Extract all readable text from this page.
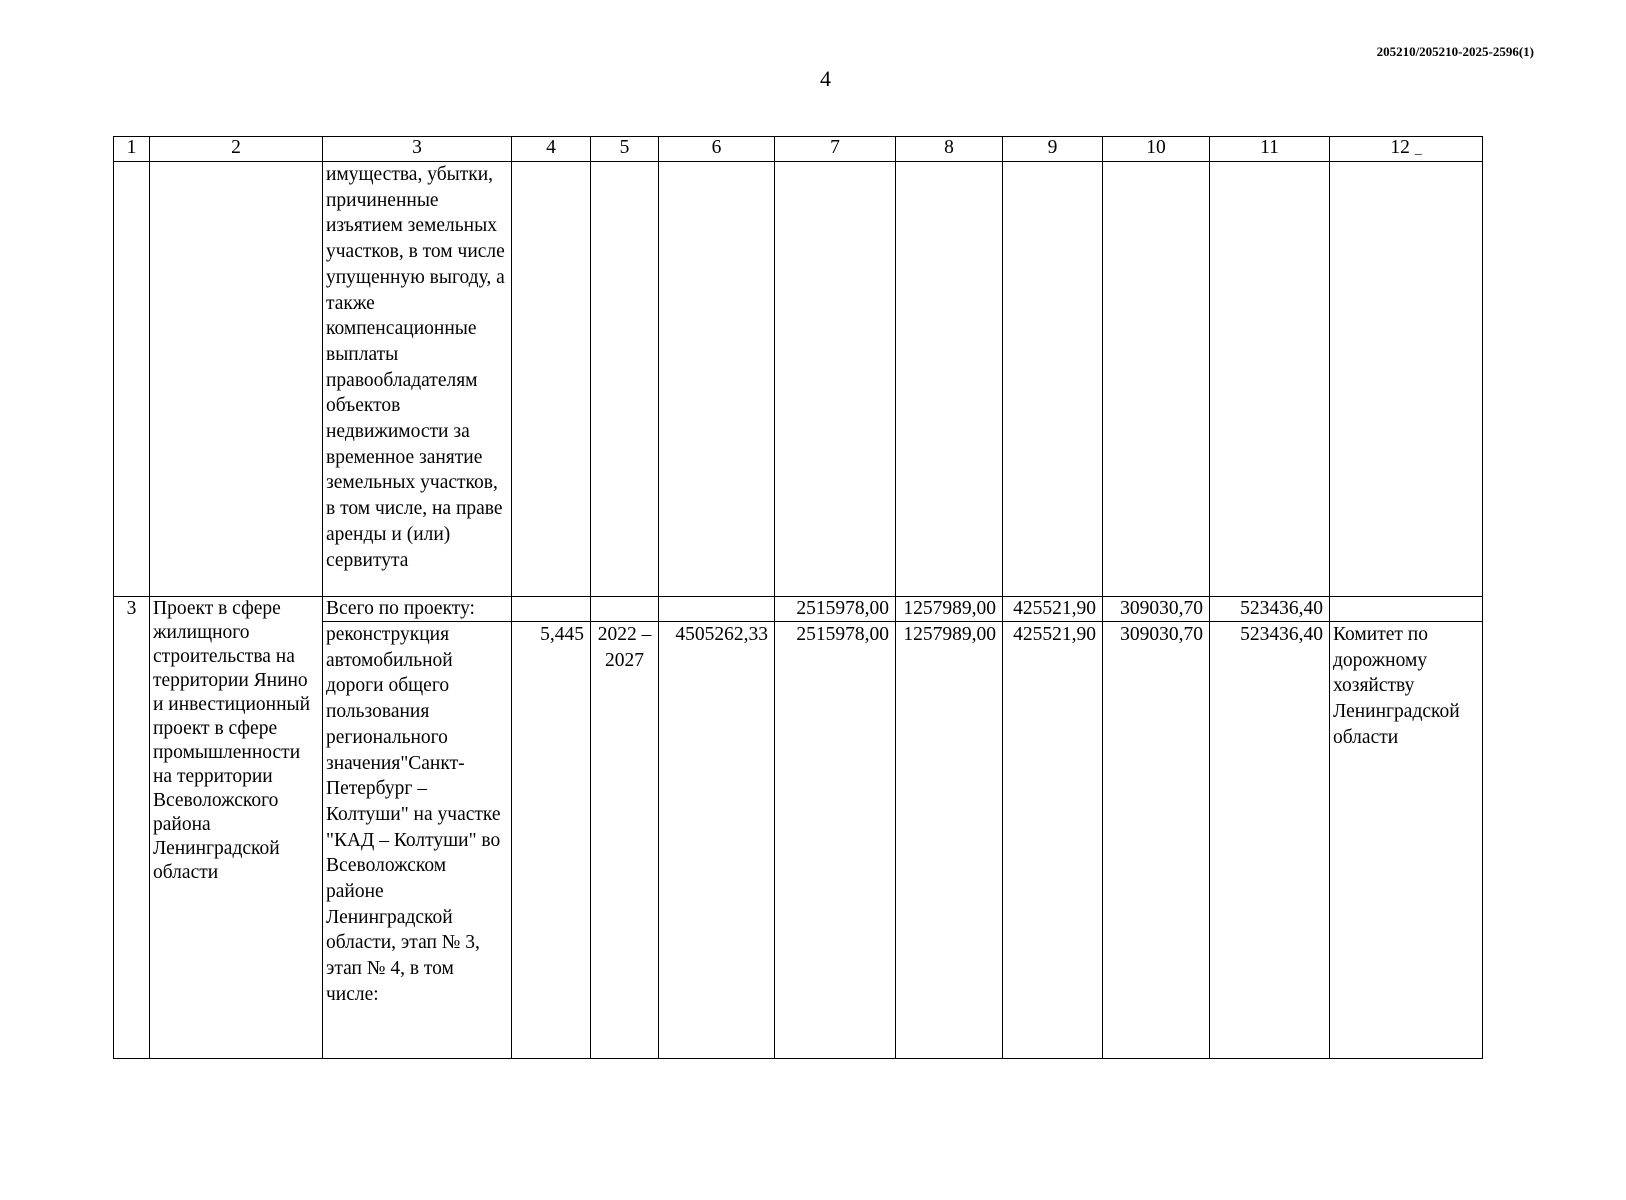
205210/205210-2025-2596(1)
4
1	2	3	4	5	6	7	8	9	10	11	12 _
		имущества, убытки, причиненные изъятием земельных участков, в том числе упущенную выгоду, а также компенсационные выплаты правообладателям объектов недвижимости за временное занятие земельных участков, в том числе, на праве аренды и (или) сервитута									
3	Проект в сфере жилищного строительства на территории Янино и инвестиционный проект в сфере промышленности на территории Всеволожского района Ленинградской области	Всего по проекту:				2515978,00	1257989,00	425521,90	309030,70	523436,40	
		реконструкция автомобильной дороги общего пользования регионального значения"Санкт-Петербург – Колтуши" на участке "КАД – Колтуши" во Всеволожском районе Ленинградской области, этап № 3, этап № 4, в том числе:	5,445	2022 – 2027	4505262,33	2515978,00	1257989,00	425521,90	309030,70	523436,40	Комитет по дорожному хозяйству Ленинградской области
